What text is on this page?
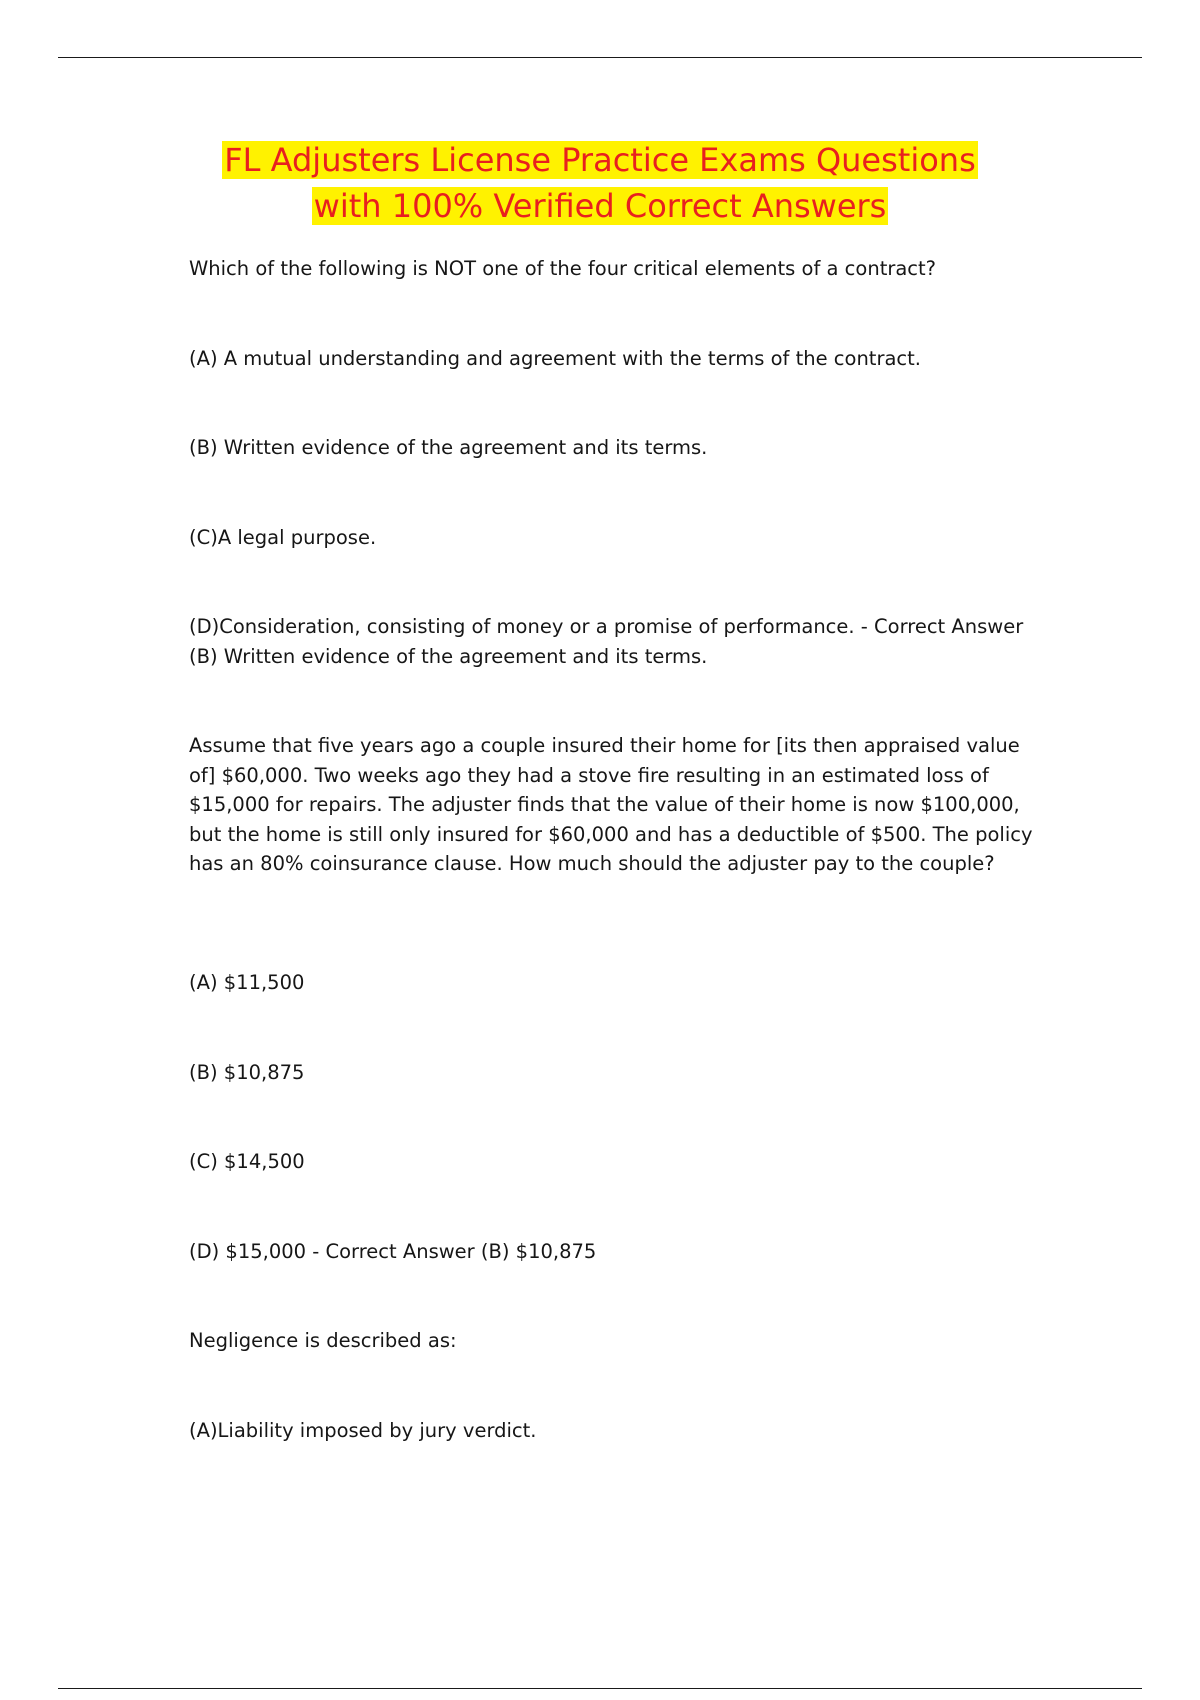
FL Adjusters License Practice Exams Questions
with 100% Verified Correct Answers

Which of the following is NOT one of the four critical elements of a contract?

(A) A mutual understanding and agreement with the terms of the contract.

(B) Written evidence of the agreement and its terms.

(C)A legal purpose.

(D)Consideration, consisting of money or a promise of performance. - Correct Answer (B) Written evidence of the agreement and its terms.

Assume that five years ago a couple insured their home for [its then appraised value of] $60,000. Two weeks ago they had a stove fire resulting in an estimated loss of $15,000 for repairs. The adjuster finds that the value of their home is now $100,000, but the home is still only insured for $60,000 and has a deductible of $500. The policy has an 80% coinsurance clause. How much should the adjuster pay to the couple?

(A) $11,500

(B) $10,875

(C) $14,500

(D) $15,000 - Correct Answer (B) $10,875

Negligence is described as:

(A)Liability imposed by jury verdict.
